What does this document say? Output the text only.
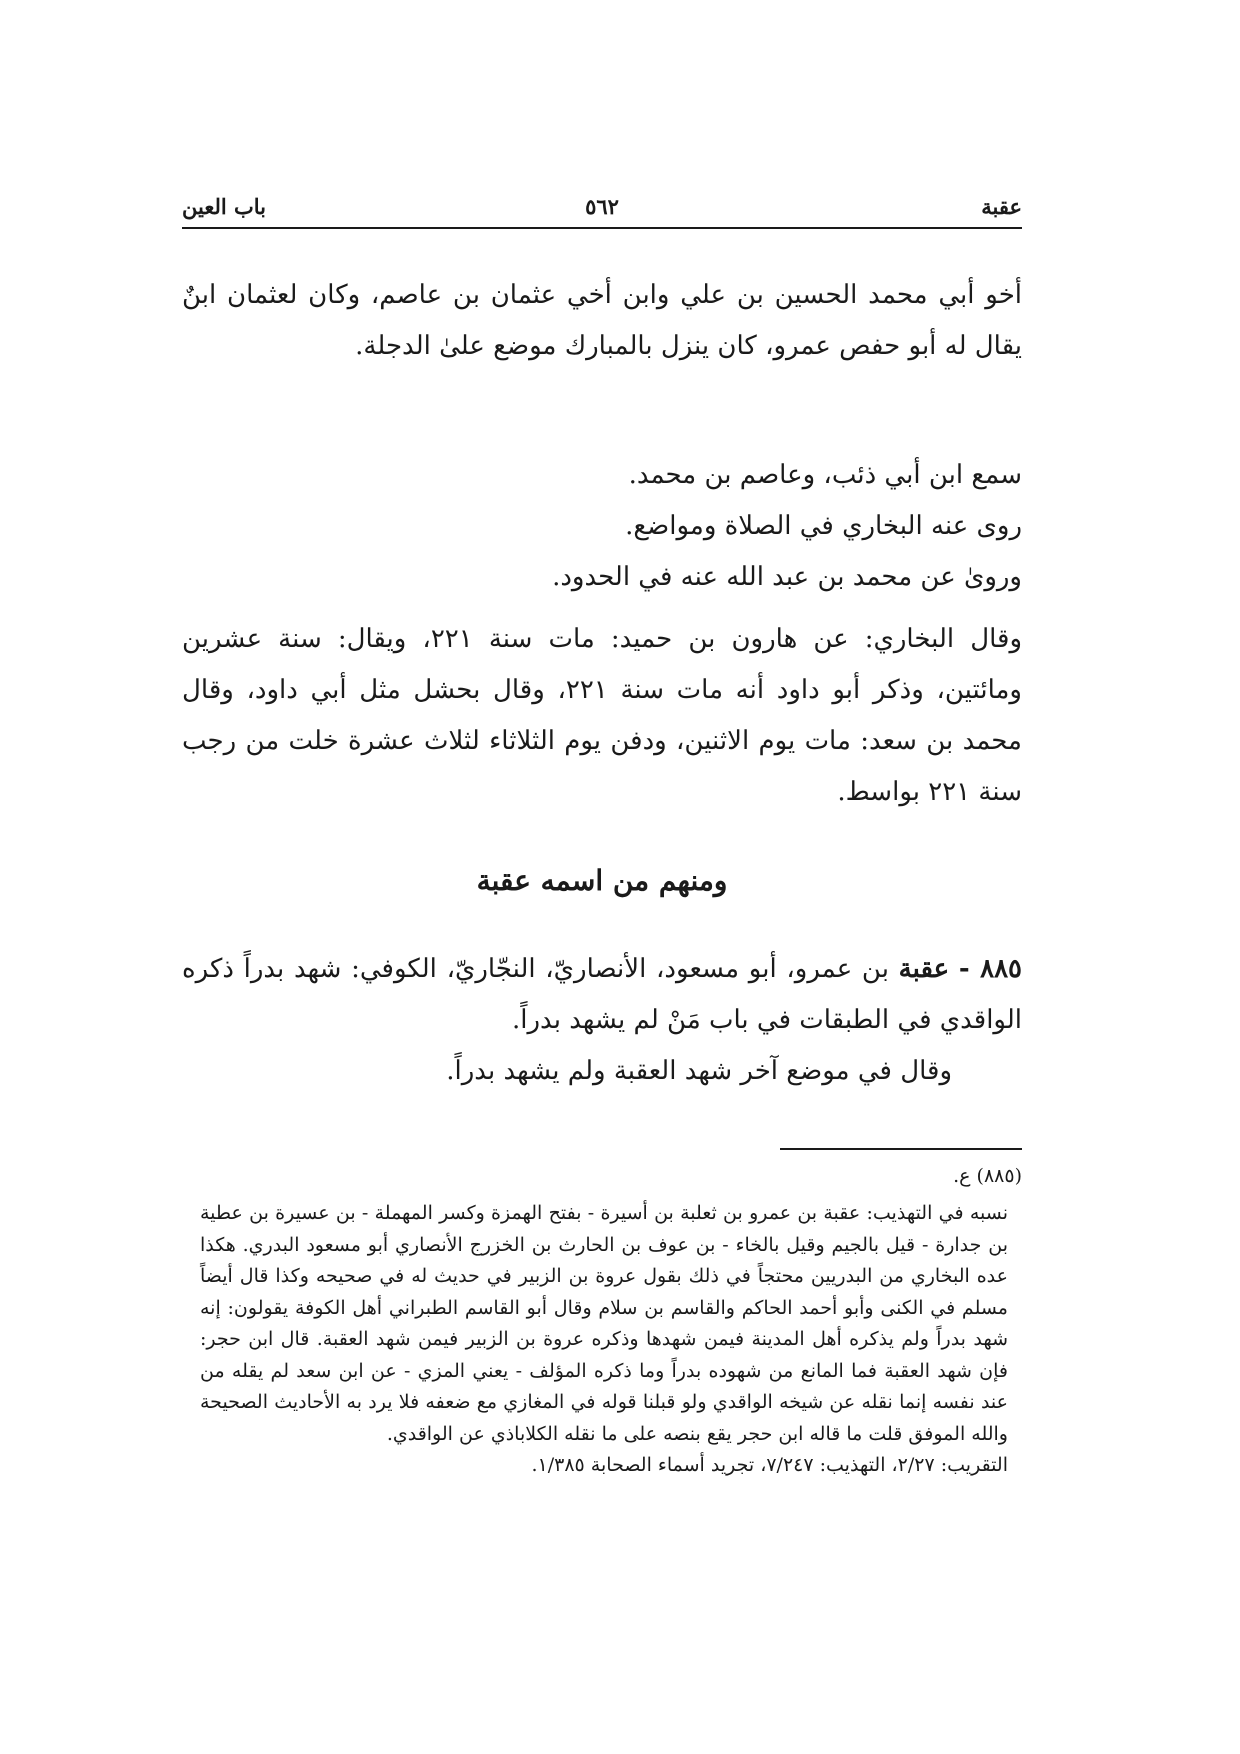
عقبة
٥٦٢
باب العين

أخو أبي محمد الحسين بن علي وابن أخي عثمان بن عاصم، وكان لعثمان ابنٌ يقال له أبو حفص عمرو، كان ينزل بالمبارك موضع علىٰ الدجلة.

سمع ابن أبي ذئب، وعاصم بن محمد.

روى عنه البخاري في الصلاة ومواضع.

ورویٰ عن محمد بن عبد الله عنه في الحدود.

وقال البخاري: عن هارون بن حميد: مات سنة ٢٢١، ويقال: سنة عشرين ومائتين، وذكر أبو داود أنه مات سنة ٢٢١، وقال بحشل مثل أبي داود، وقال محمد بن سعد: مات يوم الاثنين، ودفن يوم الثلاثاء لثلاث عشرة خلت من رجب سنة ٢٢١ بواسط.

ومنهم من اسمه عقبة

٨٨٥ - عقبة بن عمرو، أبو مسعود، الأنصاريّ، النجّاريّ، الكوفي: شهد بدراً ذكره الواقدي في الطبقات في باب مَنْ لم يشهد بدراً.

وقال في موضع آخر شهد العقبة ولم يشهد بدراً.

(٨٨٥) ع.

نسبه في التهذيب: عقبة بن عمرو بن ثعلبة بن أسيرة - بفتح الهمزة وكسر المهملة - بن عسيرة بن عطية بن جدارة - قيل بالجيم وقيل بالخاء - بن عوف بن الحارث بن الخزرج الأنصاري أبو مسعود البدري. هكذا عده البخاري من البدريين محتجاً في ذلك بقول عروة بن الزبير في حديث له في صحيحه وكذا قال أيضاً مسلم في الكنى وأبو أحمد الحاكم والقاسم بن سلام وقال أبو القاسم الطبراني أهل الكوفة يقولون: إنه شهد بدراً ولم يذكره أهل المدينة فيمن شهدها وذكره عروة بن الزبير فيمن شهد العقبة. قال ابن حجر: فإن شهد العقبة فما المانع من شهوده بدراً وما ذكره المؤلف - يعني المزي - عن ابن سعد لم يقله من عند نفسه إنما نقله عن شيخه الواقدي ولو قبلنا قوله في المغازي مع ضعفه فلا يرد به الأحاديث الصحيحة والله الموفق قلت ما قاله ابن حجر يقع بنصه على ما نقله الكلاباذي عن الواقدي.

التقريب: ٢/٢٧، التهذيب: ٧/٢٤٧، تجريد أسماء الصحابة ١/٣٨٥.
